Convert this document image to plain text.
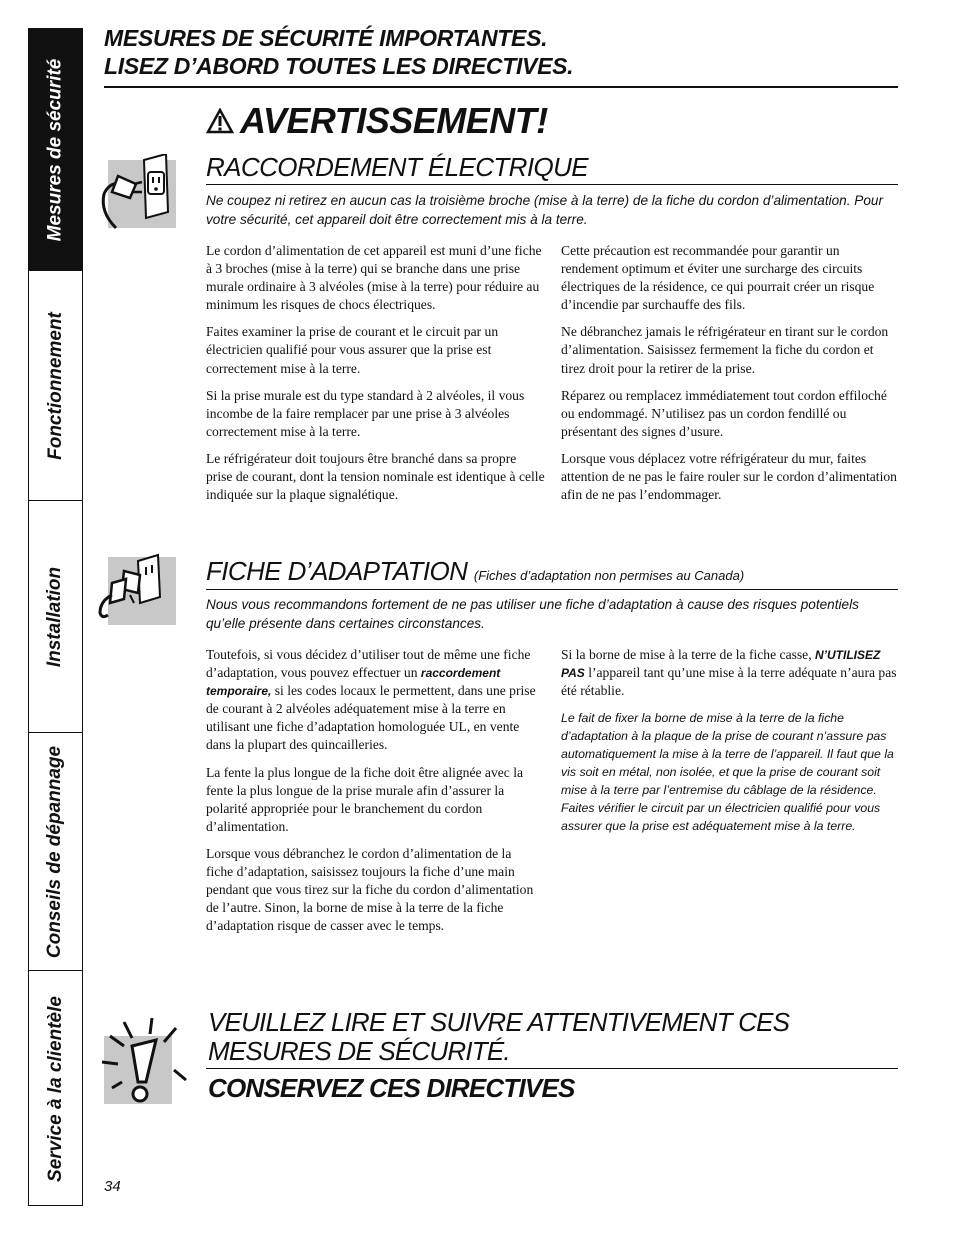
Mesures de sécurité
Fonctionnement
Installation
Conseils de dépannage
Service à la clientèle
MESURES DE SÉCURITÉ IMPORTANTES.
LISEZ D’ABORD TOUTES LES DIRECTIVES.
AVERTISSEMENT!
RACCORDEMENT ÉLECTRIQUE
Ne coupez ni retirez en aucun cas la troisième broche (mise à la terre) de la fiche du cordon d’alimentation. Pour votre sécurité, cet appareil doit être correctement mis à la terre.

Le cordon d’alimentation de cet appareil est muni d’une fiche à 3 broches (mise à la terre) qui se branche dans une prise murale ordinaire à 3 alvéoles (mise à la terre) pour réduire au minimum les risques de chocs électriques.

Faites examiner la prise de courant et le circuit par un électricien qualifié pour vous assurer que la prise est correctement mise à la terre.

Si la prise murale est du type standard à 2 alvéoles, il vous incombe de la faire remplacer par une prise à 3 alvéoles correctement mise à la terre.

Le réfrigérateur doit toujours être branché dans sa propre prise de courant, dont la tension nominale est identique à celle indiquée sur la plaque signalétique.

Cette précaution est recommandée pour garantir un rendement optimum et éviter une surcharge des circuits électriques de la résidence, ce qui pourrait créer un risque d’incendie par surchauffe des fils.

Ne débranchez jamais le réfrigérateur en tirant sur le cordon d’alimentation. Saisissez fermement la fiche du cordon et tirez droit pour la retirer de la prise.

Réparez ou remplacez immédiatement tout cordon effiloché ou endommagé. N’utilisez pas un cordon fendillé ou présentant des signes d’usure.

Lorsque vous déplacez votre réfrigérateur du mur, faites attention de ne pas le faire rouler sur le cordon d’alimentation afin de ne pas l’endommager.

FICHE D’ADAPTATION (Fiches d’adaptation non permises au Canada)
Nous vous recommandons fortement de ne pas utiliser une fiche d’adaptation à cause des risques potentiels qu’elle présente dans certaines circonstances.

Toutefois, si vous décidez d’utiliser tout de même une fiche d’adaptation, vous pouvez effectuer un raccordement temporaire, si les codes locaux le permettent, dans une prise de courant à 2 alvéoles adéquatement mise à la terre en utilisant une fiche d’adaptation homologuée UL, en vente dans la plupart des quincailleries.

La fente la plus longue de la fiche doit être alignée avec la fente la plus longue de la prise murale afin d’assurer la polarité appropriée pour le branchement du cordon d’alimentation.

Lorsque vous débranchez le cordon d’alimentation de la fiche d’adaptation, saisissez toujours la fiche d’une main pendant que vous tirez sur la fiche du cordon d’alimentation de l’autre. Sinon, la borne de mise à la terre de la fiche d’adaptation risque de casser avec le temps.

Si la borne de mise à la terre de la fiche casse, N’UTILISEZ PAS l’appareil tant qu’une mise à la terre adéquate n’aura pas été rétablie.

Le fait de fixer la borne de mise à la terre de la fiche d’adaptation à la plaque de la prise de courant n’assure pas automatiquement la mise à la terre de l’appareil. Il faut que la vis soit en métal, non isolée, et que la prise de courant soit mise à la terre par l’entremise du câblage de la résidence. Faites vérifier le circuit par un électricien qualifié pour vous assurer que la prise est adéquatement mise à la terre.

VEUILLEZ LIRE ET SUIVRE ATTENTIVEMENT CES MESURES DE SÉCURITÉ.
CONSERVEZ CES DIRECTIVES
34
